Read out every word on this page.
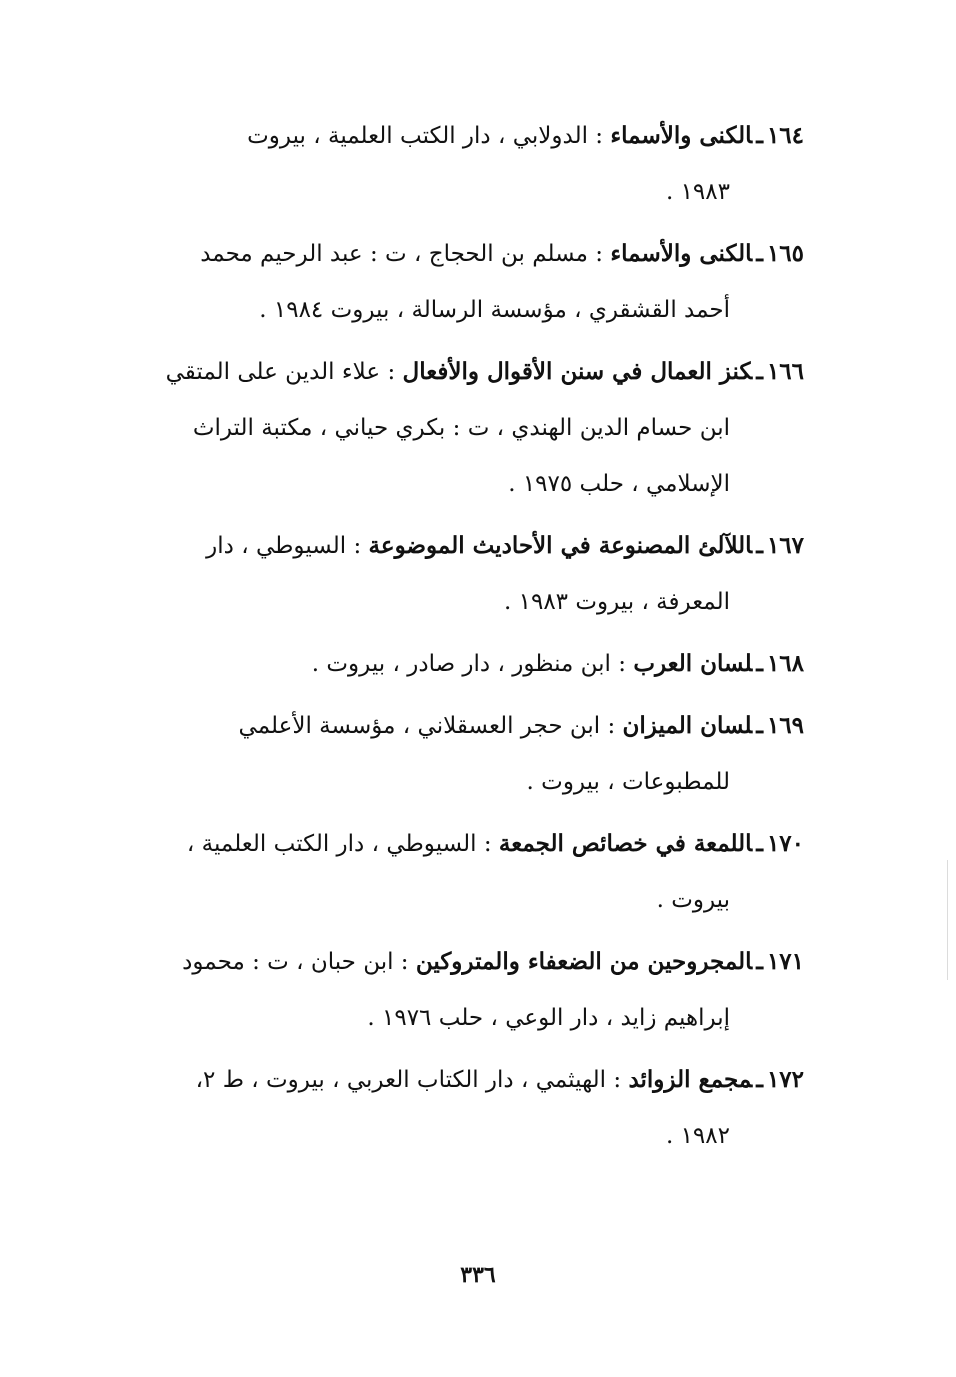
١٦٤ـالكنى والأسماء : الدولابي ، دار الكتب العلمية ، بيروت
١٩٨٣ .
١٦٥ـالكنى والأسماء : مسلم بن الحجاج ، ت : عبد الرحيم محمد
أحمد القشقري ، مؤسسة الرسالة ، بيروت ١٩٨٤ .
١٦٦ـكنز العمال في سنن الأقوال والأفعال : علاء الدين على المتقي
ابن حسام الدين الهندي ، ت : بكري حياني ، مكتبة التراث
الإسلامي ، حلب ١٩٧٥ .
١٦٧ـاللآلئ المصنوعة في الأحاديث الموضوعة : السيوطي ، دار
المعرفة ، بيروت ١٩٨٣ .
١٦٨ـلسان العرب : ابن منظور ، دار صادر ، بيروت .
١٦٩ـلسان الميزان : ابن حجر العسقلاني ، مؤسسة الأعلمي
للمطبوعات ، بيروت .
١٧٠ـاللمعة في خصائص الجمعة : السيوطي ، دار الكتب العلمية ،
بيروت .
١٧١ـالمجروحين من الضعفاء والمتروكين : ابن حبان ، ت : محمود
إبراهيم زايد ، دار الوعي ، حلب ١٩٧٦ .
١٧٢ـمجمع الزوائد : الهيثمي ، دار الكتاب العربي ، بيروت ، ط ٢،
١٩٨٢ .
٣٣٦
